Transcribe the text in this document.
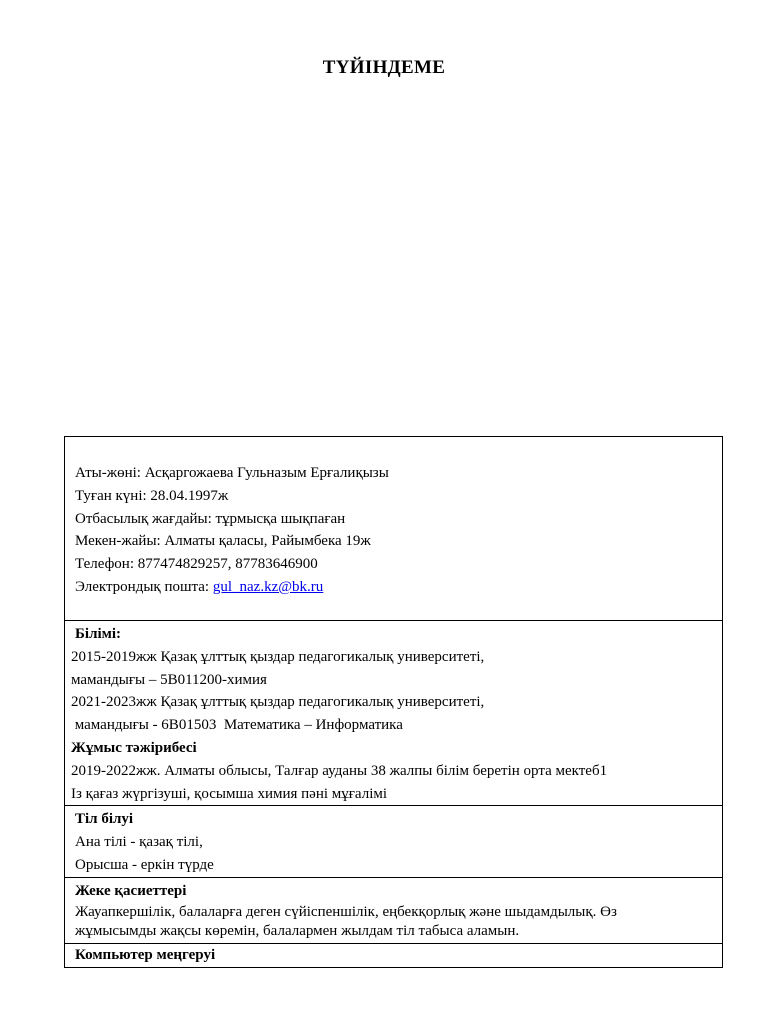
ТҮЙІНДЕМЕ
Аты-жөні: Асқаргожаева Гульназым Ерғалиқызы
Туған күні: 28.04.1997ж
Отбасылық жағдайы: тұрмысқа шықпаған
Мекен-жайы: Алматы қаласы, Райымбека 19ж
Телефон: 877474829257, 87783646900
Электрондық пошта: gul_naz.kz@bk.ru

Білімі:
2015-2019жж Қазақ ұлттық қыздар педагогикалық университеті,
мамандығы – 5В011200-химия
2021-2023жж Қазақ ұлттық қыздар педагогикалық университеті,
мамандығы - 6В01503  Математика – Информатика
Жұмыс тәжірибесі
2019-2022жж. Алматы облысы, Талғар ауданы 38 жалпы білім беретін орта мектеб1
Із қағаз жүргізуші, қосымша химия пәні мұғалімі

Тіл білуі
Ана тілі - қазақ тілі,
Орысша - еркін түрде

Жеке қасиеттері
Жауапкершілік, балаларға деген сүйіспеншілік, еңбекқорлық және шыдамдылық. Өз жұмысымды жақсы көремін, балалармен жылдам тіл табыса аламын.

Компьютер меңгеруі
